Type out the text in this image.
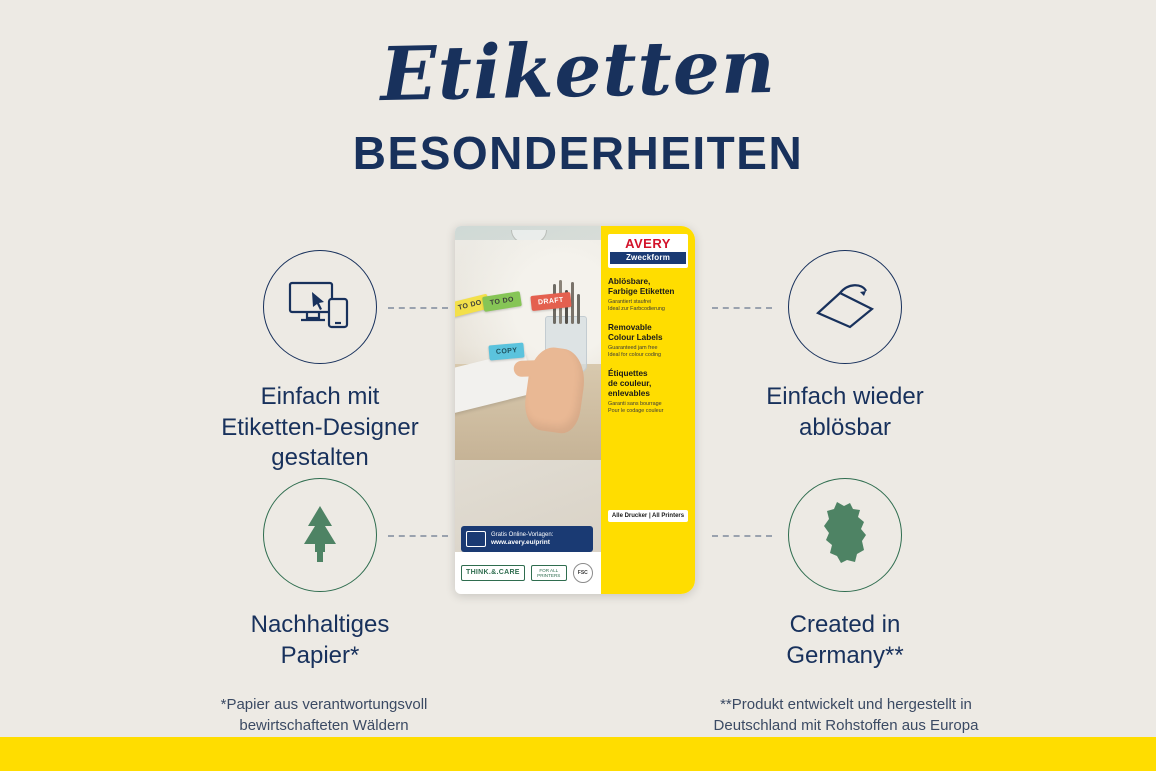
Etiketten
BESONDERHEITEN
Einfach mit
Etiketten-Designer
gestalten
Einfach wieder
ablösbar
Nachhaltiges
Papier*
Created in
Germany**
TO DO	TO DO	DRAFT
COPY
Gratis Online-Vorlagen:
www.avery.eu/print
THINK.&.CARE	FOR ALL PRINTERS	FSC
AVERY
Zweckform
Ablösbare,
Farbige Etiketten
Garantiert staufrei
Ideal zur Farbcodierung
Removable
Colour Labels
Guaranteed jam free
Ideal for colour coding
Étiquettes
de couleur,
enlevables
Garanti sans bourrage
Pour le codage couleur
Alle Drucker | All Printers
*Papier aus verantwortungsvoll
bewirtschafteten Wäldern
**Produkt entwickelt und hergestellt in
Deutschland mit Rohstoffen aus Europa
